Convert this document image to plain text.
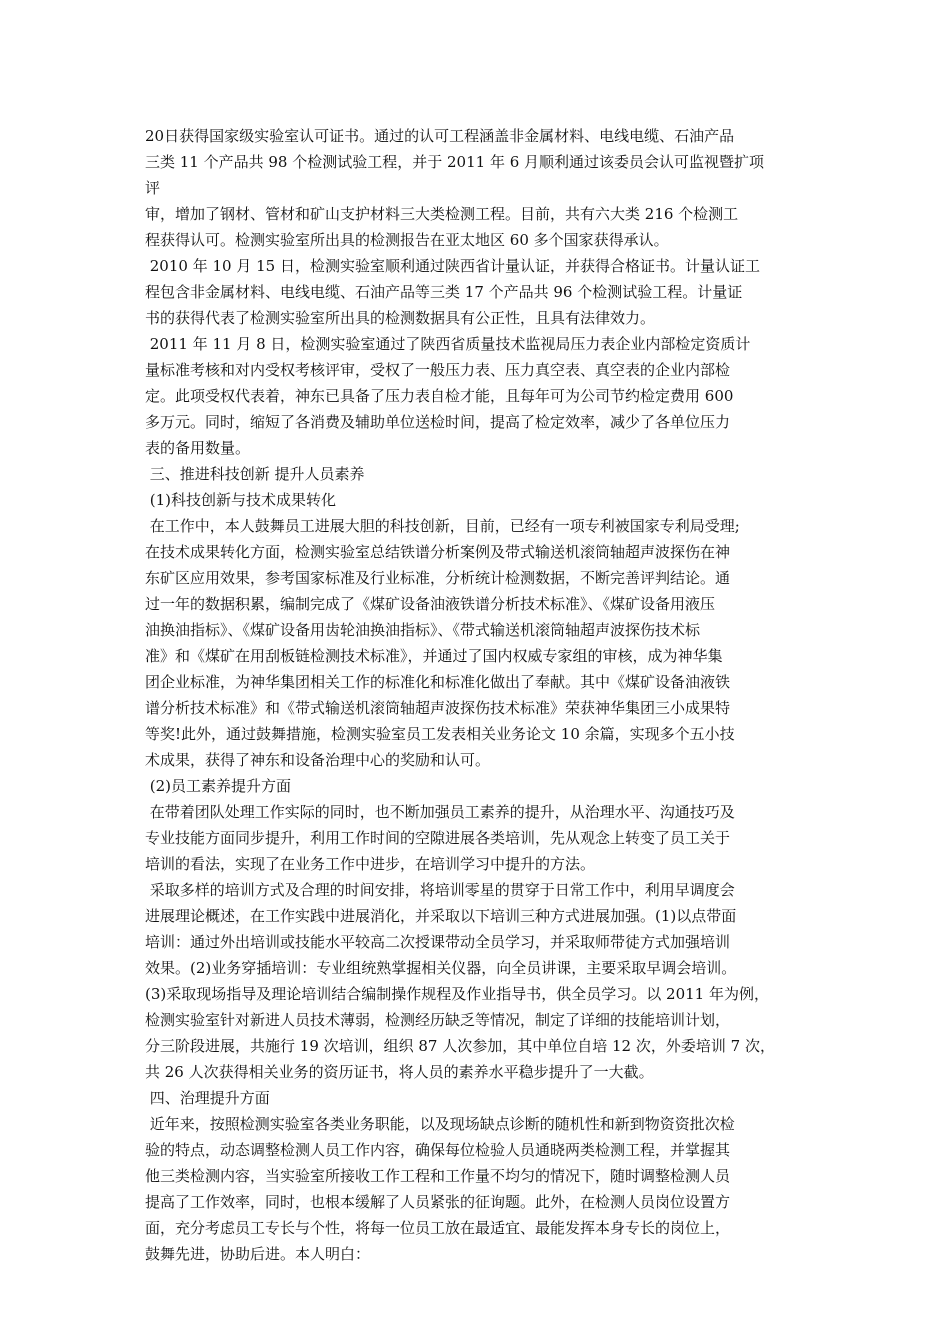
20日获得国家级实验室认可证书。通过的认可工程涵盖非金属材料、电线电缆、石油产品
三类 11 个产品共 98 个检测试验工程，并于 2011 年 6 月顺利通过该委员会认可监视暨扩项
评
审，增加了钢材、管材和矿山支护材料三大类检测工程。目前，共有六大类 216 个检测工
程获得认可。检测实验室所出具的检测报告在亚太地区 60 多个国家获得承认。
2010 年 10 月 15 日，检测实验室顺利通过陕西省计量认证，并获得合格证书。计量认证工
程包含非金属材料、电线电缆、石油产品等三类 17 个产品共 96 个检测试验工程。计量证
书的获得代表了检测实验室所出具的检测数据具有公正性，且具有法律效力。
2011 年 11 月 8 日，检测实验室通过了陕西省质量技术监视局压力表企业内部检定资质计
量标准考核和对内受权考核评审，受权了一般压力表、压力真空表、真空表的企业内部检
定。此项受权代表着，神东已具备了压力表自检才能，且每年可为公司节约检定费用 600
多万元。同时，缩短了各消费及辅助单位送检时间，提高了检定效率，减少了各单位压力
表的备用数量。
三、推进科技创新 提升人员素养
(1)科技创新与技术成果转化
在工作中，本人鼓舞员工进展大胆的科技创新，目前，已经有一项专利被国家专利局受理;
在技术成果转化方面，检测实验室总结铁谱分析案例及带式输送机滚筒轴超声波探伤在神
东矿区应用效果，参考国家标准及行业标准，分析统计检测数据，不断完善评判结论。通
过一年的数据积累，编制完成了《煤矿设备油液铁谱分析技术标准》、《煤矿设备用液压
油换油指标》、《煤矿设备用齿轮油换油指标》、《带式输送机滚筒轴超声波探伤技术标
准》和《煤矿在用刮板链检测技术标准》，并通过了国内权威专家组的审核，成为神华集
团企业标准，为神华集团相关工作的标准化和标准化做出了奉献。其中《煤矿设备油液铁
谱分析技术标准》和《带式输送机滚筒轴超声波探伤技术标准》荣获神华集团三小成果特
等奖!此外，通过鼓舞措施，检测实验室员工发表相关业务论文 10 余篇，实现多个五小技
术成果，获得了神东和设备治理中心的奖励和认可。
(2)员工素养提升方面
在带着团队处理工作实际的同时，也不断加强员工素养的提升，从治理水平、沟通技巧及
专业技能方面同步提升，利用工作时间的空隙进展各类培训，先从观念上转变了员工关于
培训的看法，实现了在业务工作中进步，在培训学习中提升的方法。
采取多样的培训方式及合理的时间安排，将培训零星的贯穿于日常工作中，利用早调度会
进展理论概述，在工作实践中进展消化，并采取以下培训三种方式进展加强。(1)以点带面
培训：通过外出培训或技能水平较高二次授课带动全员学习，并采取师带徒方式加强培训
效果。(2)业务穿插培训：专业组统熟掌握相关仪器，向全员讲课，主要采取早调会培训。
(3)采取现场指导及理论培训结合编制操作规程及作业指导书，供全员学习。以 2011 年为例，
检测实验室针对新进人员技术薄弱，检测经历缺乏等情况，制定了详细的技能培训计划，
分三阶段进展，共施行 19 次培训，组织 87 人次参加，其中单位自培 12 次，外委培训 7 次，
共 26 人次获得相关业务的资历证书，将人员的素养水平稳步提升了一大截。
四、治理提升方面
近年来，按照检测实验室各类业务职能，以及现场缺点诊断的随机性和新到物资资批次检
验的特点，动态调整检测人员工作内容，确保每位检验人员通晓两类检测工程，并掌握其
他三类检测内容，当实验室所接收工作工程和工作量不均匀的情况下，随时调整检测人员
提高了工作效率，同时，也根本缓解了人员紧张的征询题。此外，在检测人员岗位设置方
面，充分考虑员工专长与个性，将每一位员工放在最适宜、最能发挥本身专长的岗位上，
鼓舞先进，协助后进。本人明白：
